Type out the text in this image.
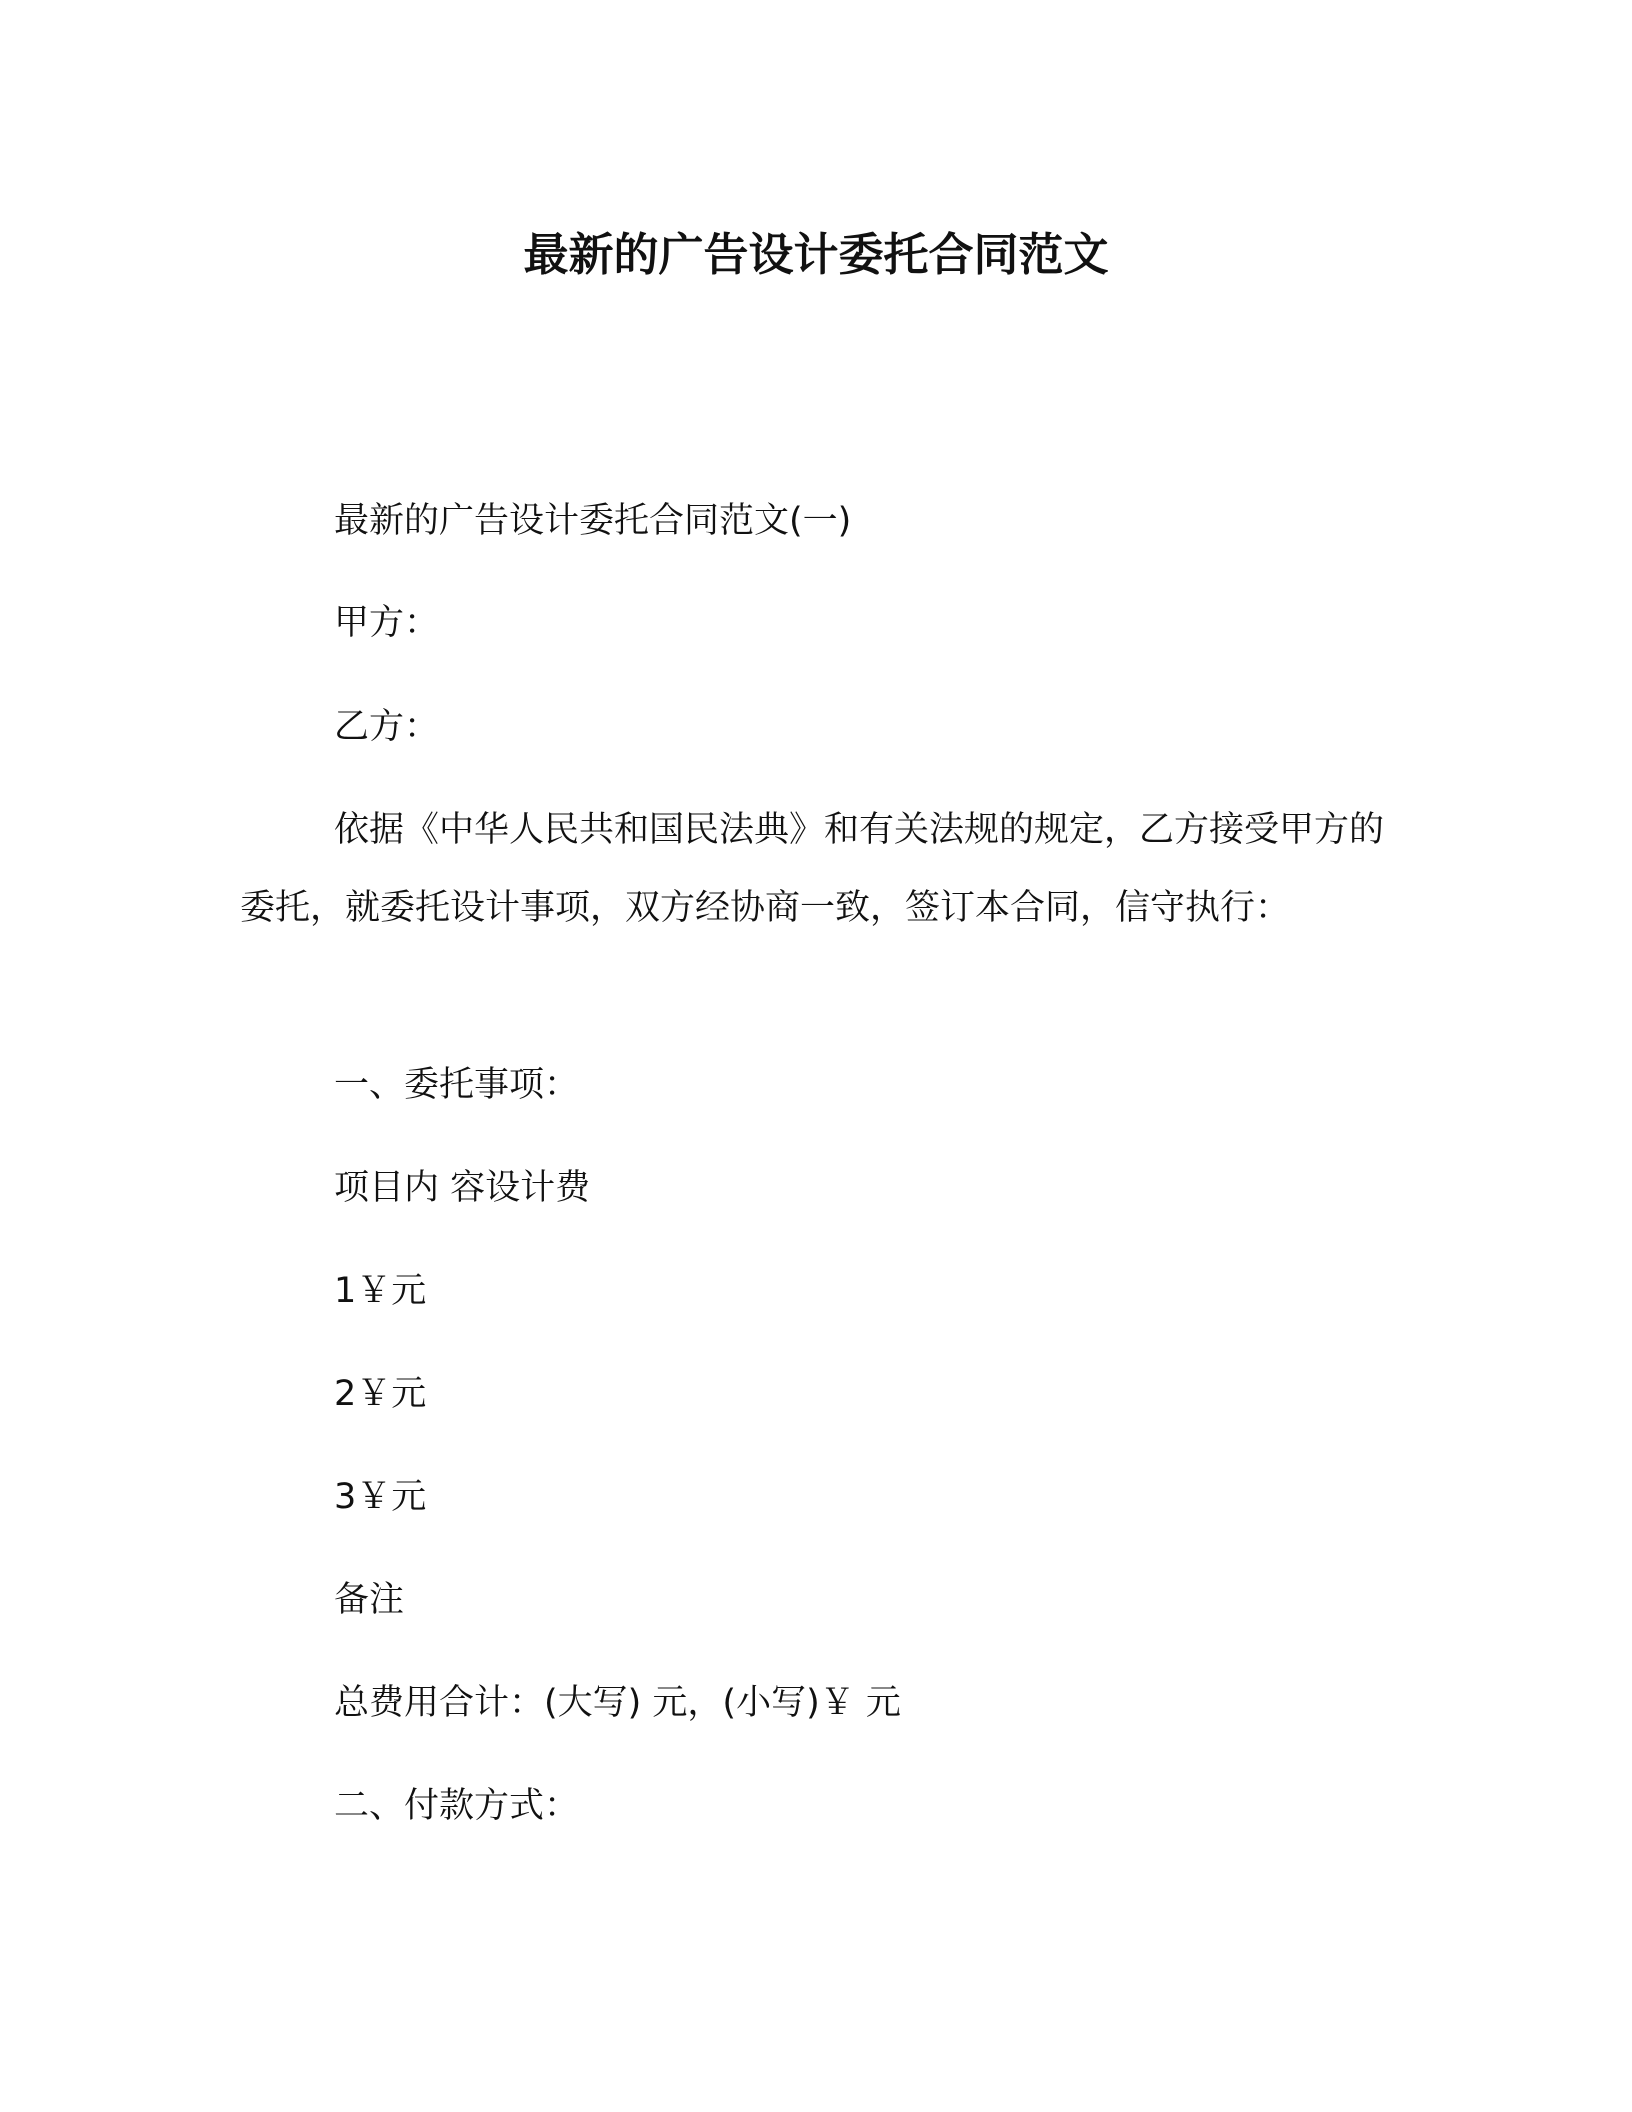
最新的广告设计委托合同范文

最新的广告设计委托合同范文(一)

甲方：

乙方：

依据《中华人民共和国民法典》和有关法规的规定，乙方接受甲方的委托，就委托设计事项，双方经协商一致，签订本合同，信守执行：

一、委托事项：

项目内 容设计费

1￥元

2￥元

3￥元

备注

总费用合计：(大写) 元，(小写)￥ 元

二、付款方式：
